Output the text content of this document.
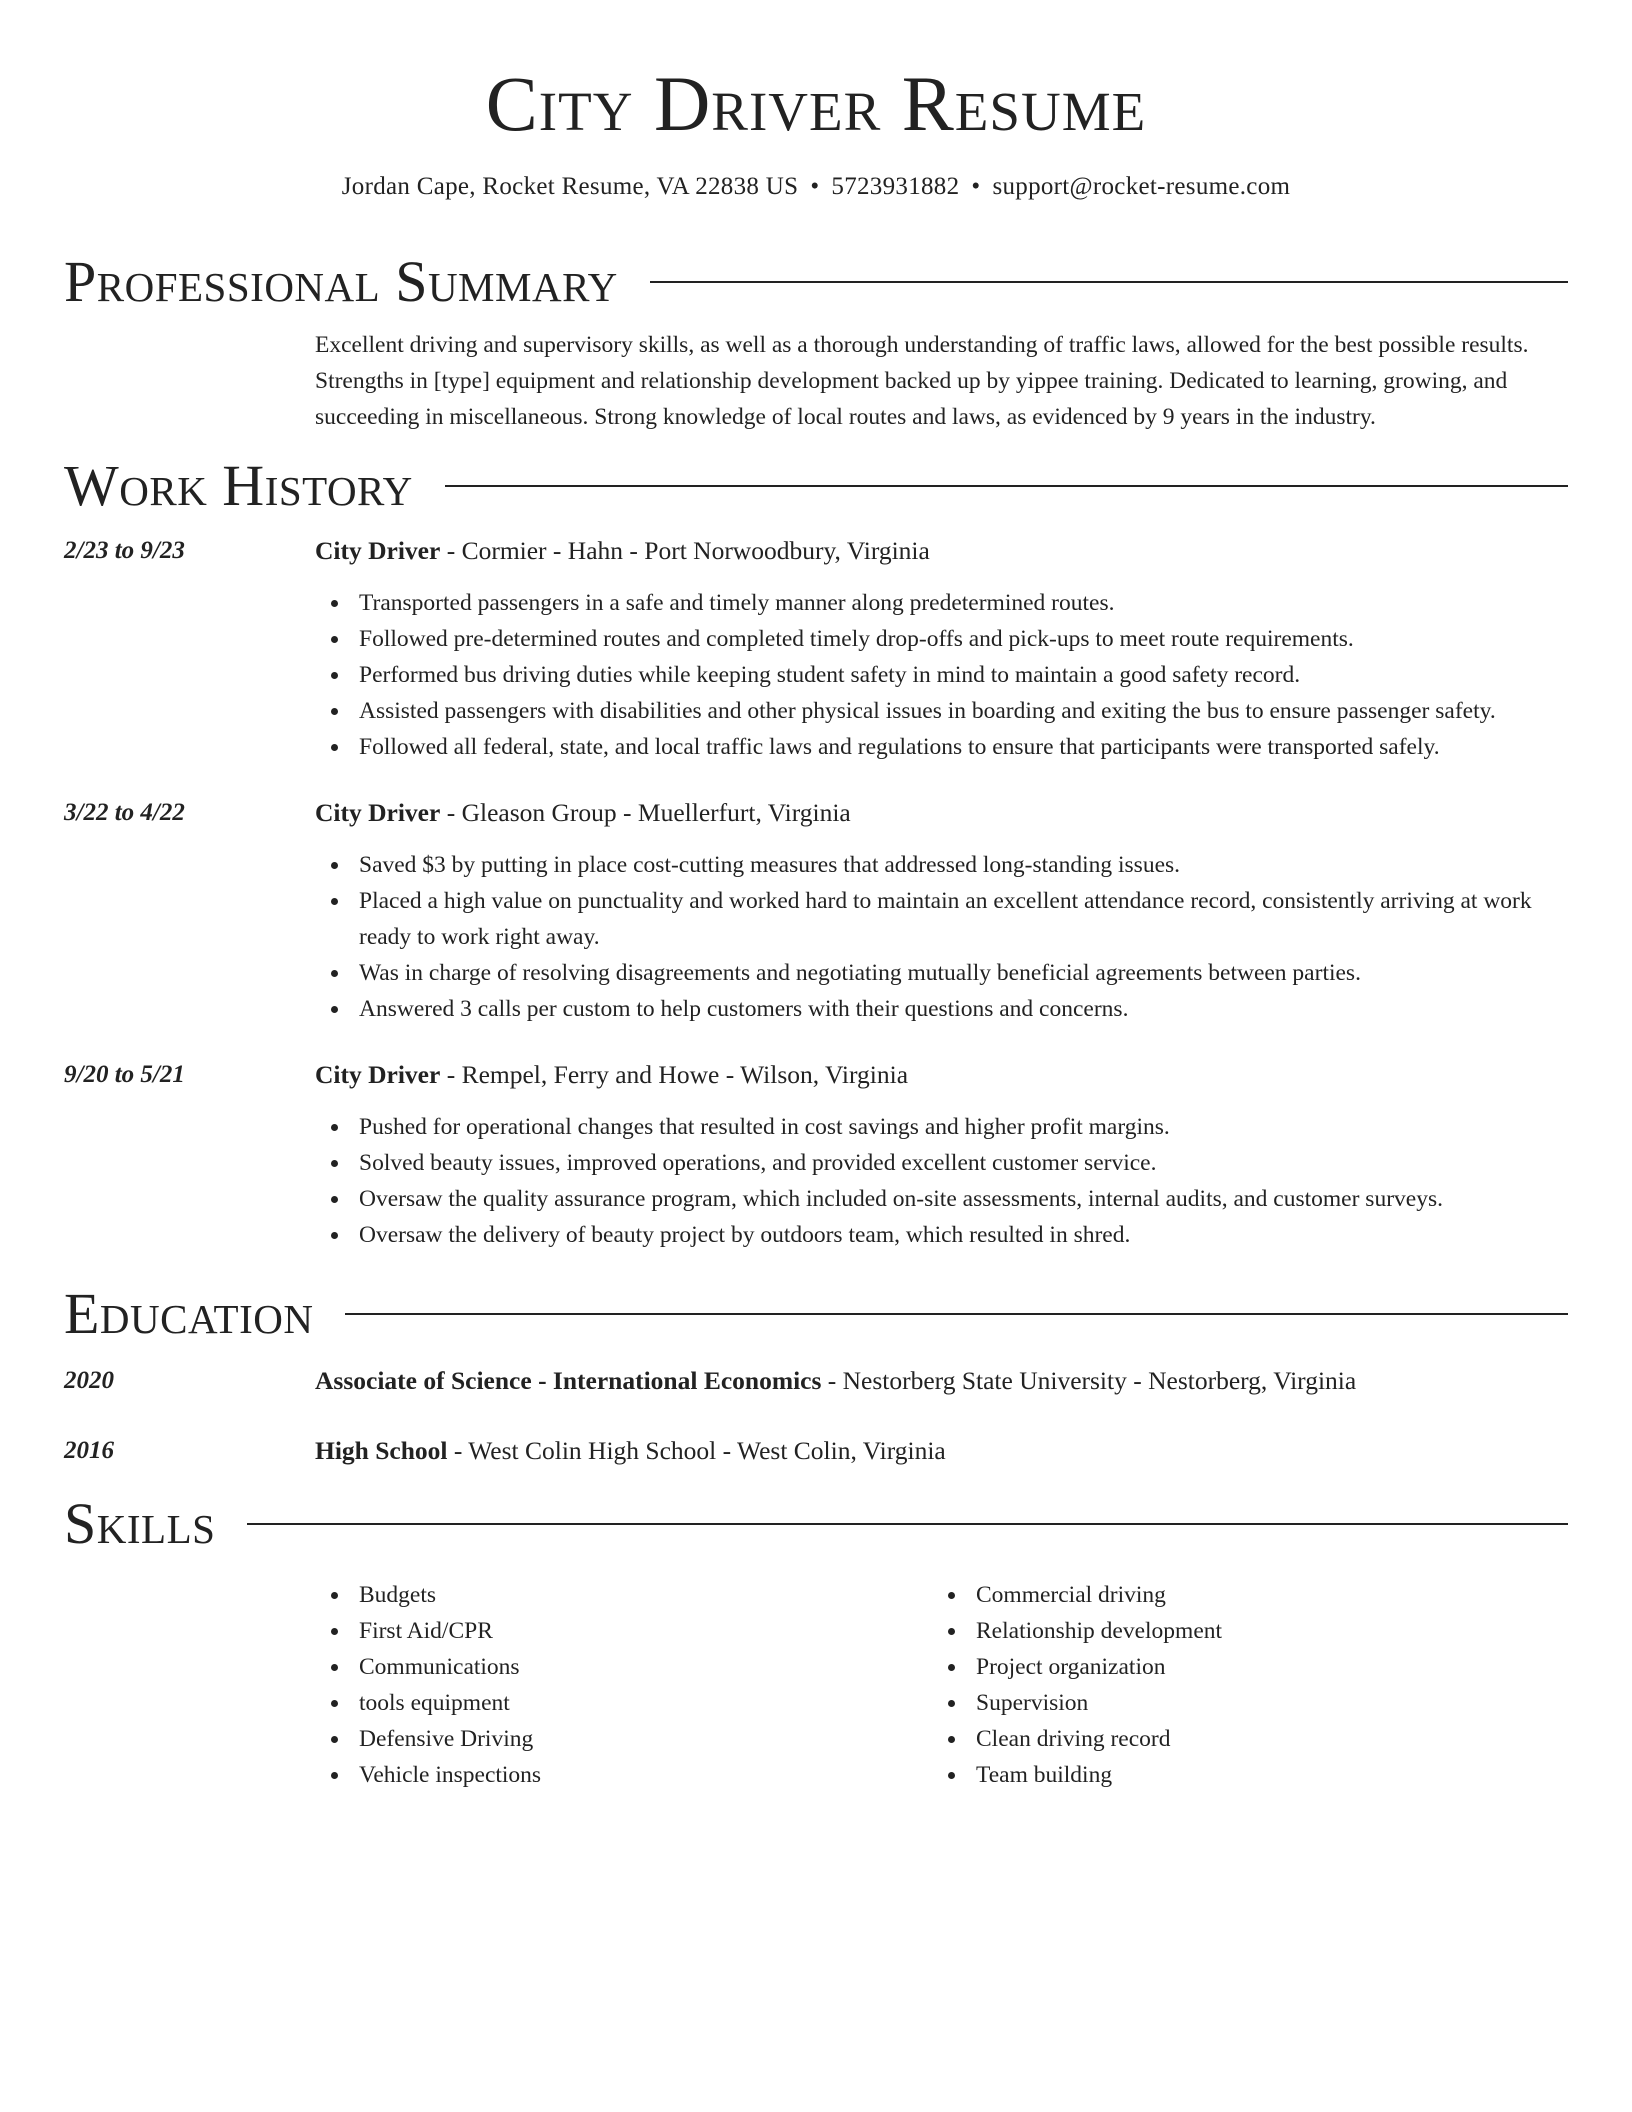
City Driver Resume
Jordan Cape, Rocket Resume, VA 22838 US • 5723931882 • support@rocket-resume.com
Professional Summary
Excellent driving and supervisory skills, as well as a thorough understanding of traffic laws, allowed for the best possible results. Strengths in [type] equipment and relationship development backed up by yippee training. Dedicated to learning, growing, and succeeding in miscellaneous. Strong knowledge of local routes and laws, as evidenced by 9 years in the industry.
Work History
2/23 to 9/23	City Driver - Cormier - Hahn - Port Norwoodbury, Virginia
Transported passengers in a safe and timely manner along predetermined routes.
Followed pre-determined routes and completed timely drop-offs and pick-ups to meet route requirements.
Performed bus driving duties while keeping student safety in mind to maintain a good safety record.
Assisted passengers with disabilities and other physical issues in boarding and exiting the bus to ensure passenger safety.
Followed all federal, state, and local traffic laws and regulations to ensure that participants were transported safely.
3/22 to 4/22	City Driver - Gleason Group - Muellerfurt, Virginia
Saved $3 by putting in place cost-cutting measures that addressed long-standing issues.
Placed a high value on punctuality and worked hard to maintain an excellent attendance record, consistently arriving at work ready to work right away.
Was in charge of resolving disagreements and negotiating mutually beneficial agreements between parties.
Answered 3 calls per custom to help customers with their questions and concerns.
9/20 to 5/21	City Driver - Rempel, Ferry and Howe - Wilson, Virginia
Pushed for operational changes that resulted in cost savings and higher profit margins.
Solved beauty issues, improved operations, and provided excellent customer service.
Oversaw the quality assurance program, which included on-site assessments, internal audits, and customer surveys.
Oversaw the delivery of beauty project by outdoors team, which resulted in shred.
Education
2020	Associate of Science - International Economics - Nestorberg State University - Nestorberg, Virginia
2016	High School - West Colin High School - West Colin, Virginia
Skills
Budgets
First Aid/CPR
Communications
tools equipment
Defensive Driving
Vehicle inspections
Commercial driving
Relationship development
Project organization
Supervision
Clean driving record
Team building
